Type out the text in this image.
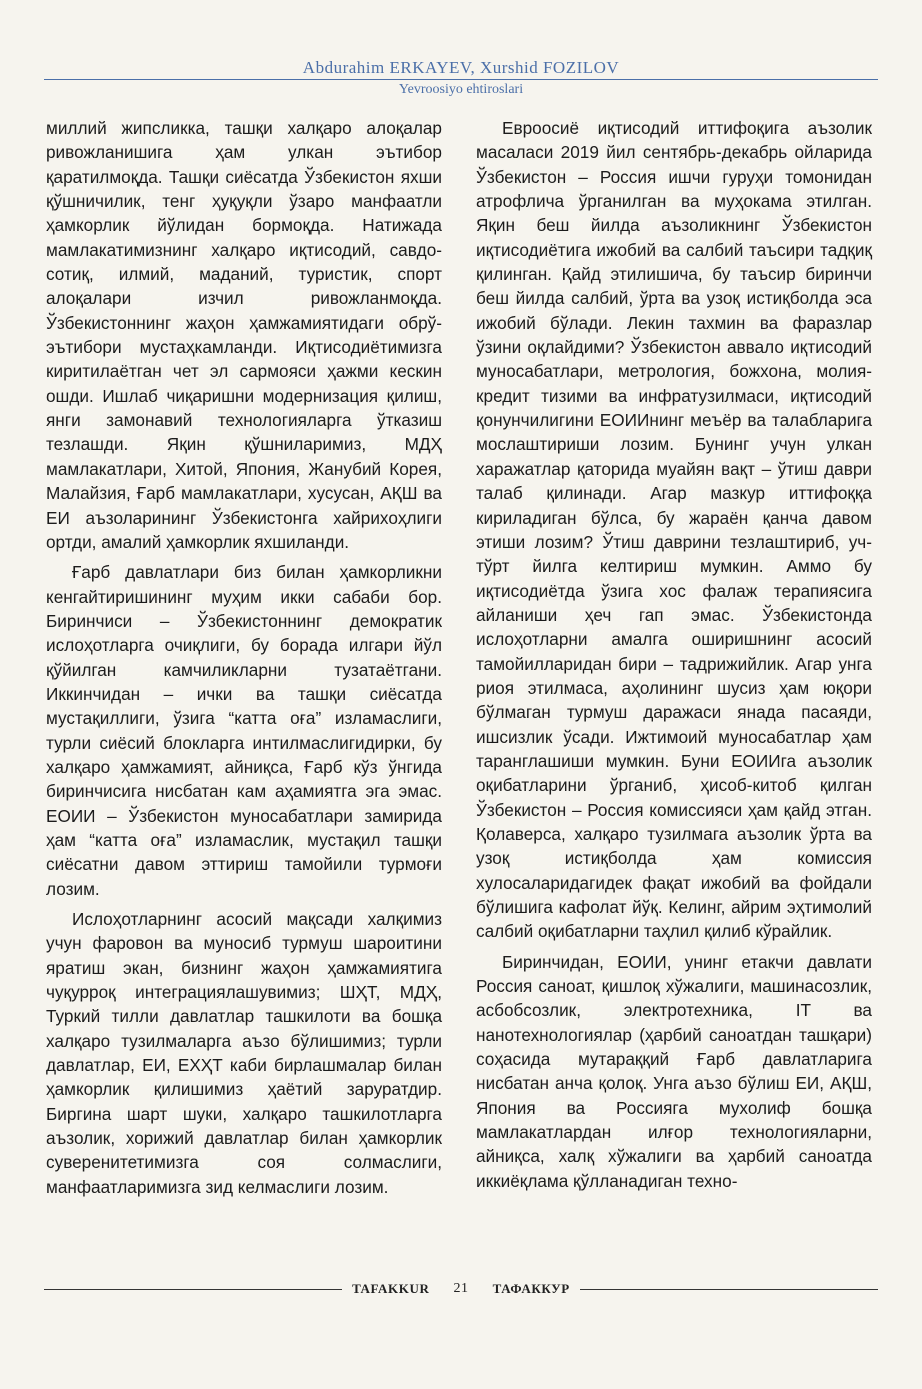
Abdurahim ERKAYEV, Xurshid FOZILOV
Yevroosiyo ehtiroslari

миллий жипсликка, ташқи халқаро алоқалар ривожланишига ҳам улкан эътибор қаратилмоқда. Ташқи сиёсатда Ўзбекистон яхши қўшничилик, тенг ҳуқуқли ўзаро манфаатли ҳамкорлик йўлидан бормоқда. Натижада мамлакатимизнинг халқаро иқтисодий, савдо-сотиқ, илмий, маданий, туристик, спорт алоқалари изчил ривожланмоқда. Ўзбекистоннинг жаҳон ҳамжамиятидаги обрў-эътибори мустаҳкамланди. Иқтисодиётимизга киритилаётган чет эл сармояси ҳажми кескин ошди. Ишлаб чиқаришни модернизация қилиш, янги замонавий технологияларга ўтказиш тезлашди. Яқин қўшниларимиз, МДҲ мамлакатлари, Хитой, Япония, Жанубий Корея, Малайзия, Ғарб мамлакатлари, хусусан, АҚШ ва ЕИ аъзоларининг Ўзбекистонга хайрихоҳлиги ортди, амалий ҳамкорлик яхшиланди.

Ғарб давлатлари биз билан ҳамкорликни кенгайтиришининг муҳим икки сабаби бор. Биринчиси – Ўзбекистоннинг демократик ислоҳотларга очиқлиги, бу борада илгари йўл қўйилган камчиликларни тузатаётгани. Иккинчидан – ички ва ташқи сиёсатда мустақиллиги, ўзига “катта оға” изламаслиги, турли сиёсий блокларга интилмаслигидирки, бу халқаро ҳамжамият, айниқса, Ғарб кўз ўнгида биринчисига нисбатан кам аҳамиятга эга эмас. ЕОИИ – Ўзбекистон муносабатлари замирида ҳам “катта оға” изламаслик, мустақил ташқи сиёсатни давом эттириш тамойили турмоғи лозим.

Ислоҳотларнинг асосий мақсади халқимиз учун фаровон ва муносиб турмуш шароитини яратиш экан, бизнинг жаҳон ҳамжамиятига чуқурроқ интеграциялашувимиз; ШҲТ, МДҲ, Туркий тилли давлатлар ташкилоти ва бошқа халқаро тузилмаларга аъзо бўлишимиз; турли давлатлар, ЕИ, ЕХҲТ каби бирлашмалар билан ҳамкорлик қилишимиз ҳаётий заруратдир. Биргина шарт шуки, халқаро ташкилотларга аъзолик, хорижий давлатлар билан ҳамкорлик суверенитетимизга соя солмаслиги, манфаатларимизга зид келмаслиги лозим.

Евроосиё иқтисодий иттифоқига аъзолик масаласи 2019 йил сентябрь-декабрь ойларида Ўзбекистон – Россия ишчи гуруҳи томонидан атрофлича ўрганилган ва муҳокама этилган. Яқин беш йилда аъзоликнинг Ўзбекистон иқтисодиётига ижобий ва салбий таъсири тадқиқ қилинган. Қайд этилишича, бу таъсир биринчи беш йилда салбий, ўрта ва узоқ истиқболда эса ижобий бўлади. Лекин тахмин ва фаразлар ўзини оқлайдими? Ўзбекистон аввало иқтисодий муносабатлари, метрология, божхона, молия-кредит тизими ва инфратузилмаси, иқтисодий қонунчилигини ЕОИИнинг меъёр ва талабларига мослаштириши лозим. Бунинг учун улкан харажатлар қаторида муайян вақт – ўтиш даври талаб қилинади. Агар мазкур иттифоққа кириладиган бўлса, бу жараён қанча давом этиши лозим? Ўтиш даврини тезлаштириб, уч-тўрт йилга келтириш мумкин. Аммо бу иқтисодиётда ўзига хос фалаж терапиясига айланиши ҳеч гап эмас. Ўзбекистонда ислоҳотларни амалга оширишнинг асосий тамойилларидан бири – тадрижийлик. Агар унга риоя этилмаса, аҳолининг шусиз ҳам юқори бўлмаган турмуш даражаси янада пасаяди, ишсизлик ўсади. Ижтимоий муносабатлар ҳам таранглашиши мумкин. Буни ЕОИИга аъзолик оқибатларини ўрганиб, ҳисоб-китоб қилган Ўзбекистон – Россия комиссияси ҳам қайд этган. Қолаверса, халқаро тузилмага аъзолик ўрта ва узоқ истиқболда ҳам комиссия хулосаларидагидек фақат ижобий ва фойдали бўлишига кафолат йўқ. Келинг, айрим эҳтимолий салбий оқибатларни таҳлил қилиб кўрайлик.

Биринчидан, ЕОИИ, унинг етакчи давлати Россия саноат, қишлоқ хўжалиги, машинасозлик, асбобсозлик, электротехника, IT ва нанотехнологиялар (ҳарбий саноатдан ташқари) соҳасида мутараққий Ғарб давлатларига нисбатан анча қолоқ. Унга аъзо бўлиш ЕИ, АҚШ, Япония ва Россияга мухолиф бошқа мамлакатлардан илғор технологияларни, айниқса, халқ хўжалиги ва ҳарбий саноатда иккиёқлама қўлланадиган техно-

TAFAKKUR	21	ТАФАККУР
